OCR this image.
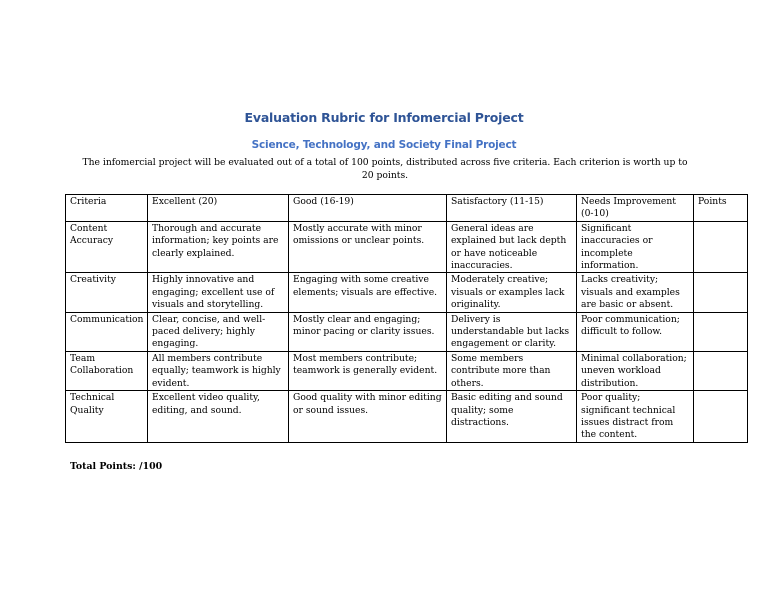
Evaluation Rubric for Infomercial Project
Science, Technology, and Society Final Project
The infomercial project will be evaluated out of a total of 100 points, distributed across five criteria. Each criterion is worth up to 20 points.
Criteria	Excellent (20)	Good (16-19)	Satisfactory (11-15)	Needs Improvement (0-10)	Points
Content Accuracy	Thorough and accurate information; key points are clearly explained.	Mostly accurate with minor omissions or unclear points.	General ideas are explained but lack depth or have noticeable inaccuracies.	Significant inaccuracies or incomplete information.	
Creativity	Highly innovative and engaging; excellent use of visuals and storytelling.	Engaging with some creative elements; visuals are effective.	Moderately creative; visuals or examples lack originality.	Lacks creativity; visuals and examples are basic or absent.	
Communication	Clear, concise, and well-paced delivery; highly engaging.	Mostly clear and engaging; minor pacing or clarity issues.	Delivery is understandable but lacks engagement or clarity.	Poor communication; difficult to follow.	
Team Collaboration	All members contribute equally; teamwork is highly evident.	Most members contribute; teamwork is generally evident.	Some members contribute more than others.	Minimal collaboration; uneven workload distribution.	
Technical Quality	Excellent video quality, editing, and sound.	Good quality with minor editing or sound issues.	Basic editing and sound quality; some distractions.	Poor quality; significant technical issues distract from the content.	
Total Points: /100
